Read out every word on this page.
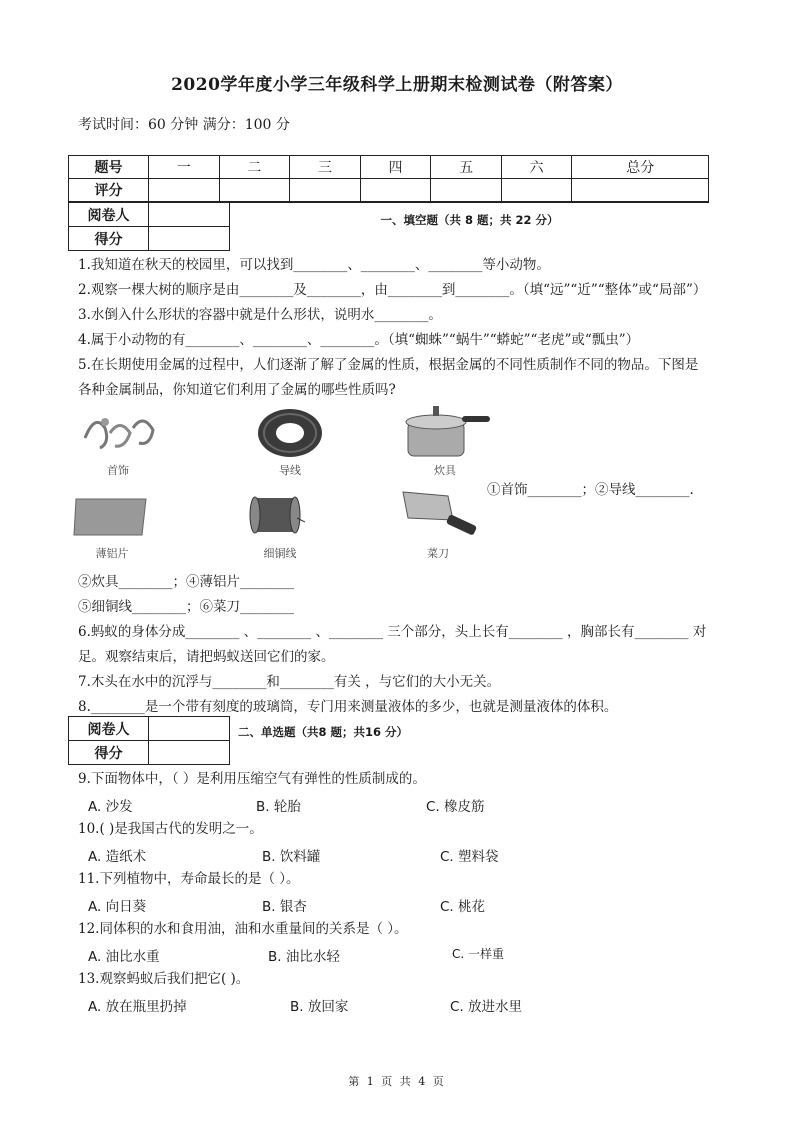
2020学年度小学三年级科学上册期末检测试卷（附答案）
考试时间：60 分钟 满分：100 分
题号	一	二	三	四	五	六	总分
评分							
阅卷人	
得分	
一、填空题（共 8 题；共 22 分）
1.我知道在秋天的校园里，可以找到________、________、________等小动物。
2.观察一棵大树的顺序是由________及________，由________到________。（填“远”“近”“整体”或“局部”）
3.水倒入什么形状的容器中就是什么形状，说明水________。
4.属于小动物的有________、________、________。（填“蜘蛛”“蜗牛”“蟒蛇”“老虎”或“瓢虫”）
5.在长期使用金属的过程中，人们逐渐了解了金属的性质，根据金属的不同性质制作不同的物品。下图是
各种金属制品，你知道它们利用了金属的哪些性质吗?
首饰	导线	炊具
①首饰________；②导线________.
薄铝片	细铜线	菜刀
②炊具________；④薄铝片________
⑤细铜线________；⑥菜刀________
6.蚂蚁的身体分成________ 、________ 、________ 三个部分，头上长有________ ，胸部长有________ 对
足。观察结束后，请把蚂蚁送回它们的家。
7.木头在水中的沉浮与________和________有关 ，与它们的大小无关。
8.________是一个带有刻度的玻璃筒，专门用来测量液体的多少，也就是测量液体的体积。
阅卷人	
得分	
二、单选题（共8 题；共16 分）
9.下面物体中，（ ）是利用压缩空气有弹性的性质制成的。
A. 沙发	B. 轮胎	C. 橡皮筋
10.( )是我国古代的发明之一。
A. 造纸术	B. 饮料罐	C. 塑料袋
11.下列植物中，寿命最长的是（ ）。
A. 向日葵	B. 银杏	C. 桃花
12.同体积的水和食用油，油和水重量间的关系是（ ）。
A. 油比水重	B. 油比水轻	C. 一样重
13.观察蚂蚁后我们把它( )。
A. 放在瓶里扔掉	B. 放回家	C. 放进水里
第 1 页 共 4 页
